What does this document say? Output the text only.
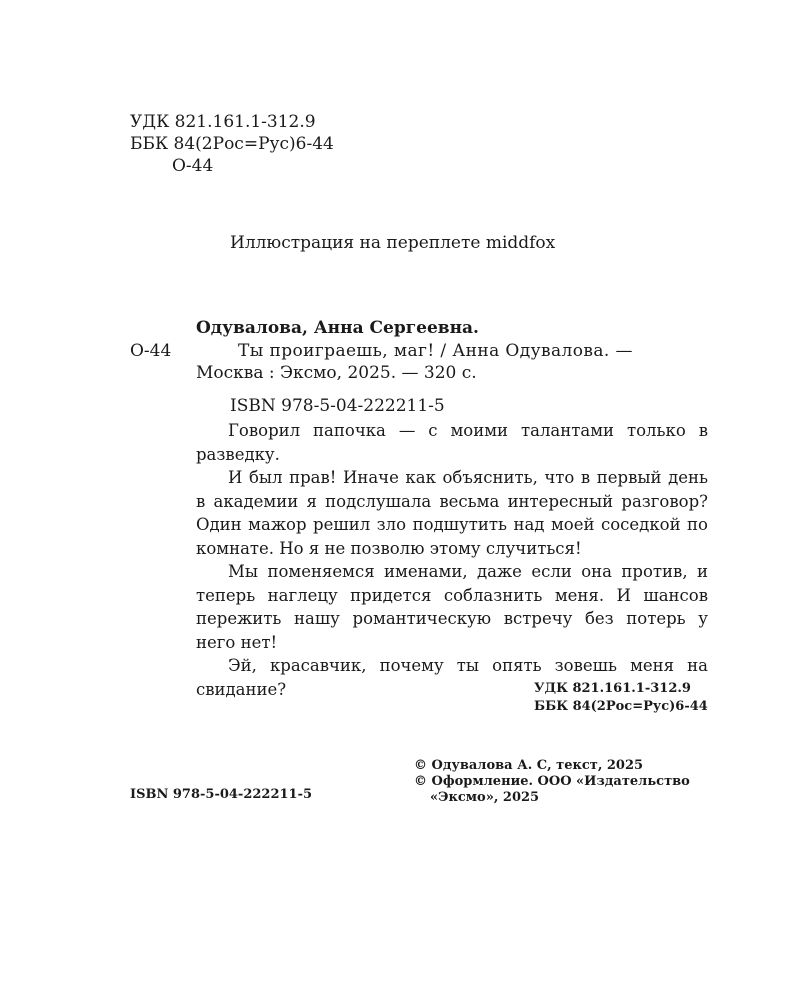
УДК 821.161.1-312.9
ББК 84(2Рос=Рус)6-44
О-44
Иллюстрация на переплете middfox
Одувалова, Анна Сергеевна.
О-44	Ты проиграешь, маг! / Анна Одувалова. —
Москва : Эксмо, 2025. — 320 с.
ISBN 978-5-04-222211-5

Говорил папочка — с моими талантами только в разведку.

И был прав! Иначе как объяснить, что в первый день в академии я подслушала весьма интересный разговор? Один мажор решил зло подшутить над моей соседкой по комнате. Но я не позволю этому случиться!

Мы поменяемся именами, даже если она против, и теперь наглецу придется соблазнить меня. И шансов пережить нашу романтическую встречу без потерь у него нет!

Эй, красавчик, почему ты опять зовешь меня на свидание?	УДК 821.161.1-312.9
ББК 84(2Рос=Рус)6-44
ISBN 978-5-04-222211-5
© Одувалова А. С, текст, 2025
© Оформление. ООО «Издательство
«Эксмо», 2025
